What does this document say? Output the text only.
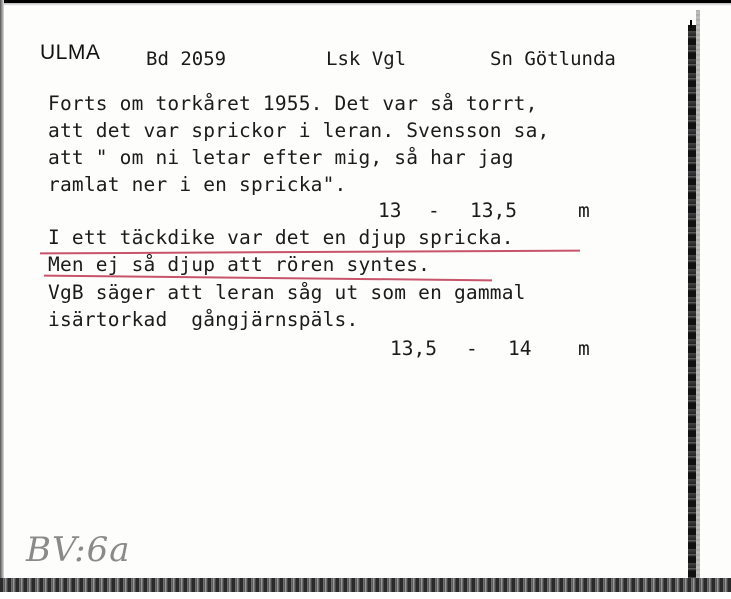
ULMA Bd 2059	Lsk Vgl	Sn Götlunda
Forts om torkåret 1955. Det var så torrt,
att det var sprickor i leran. Svensson sa,
att " om ni letar efter mig, så har jag
ramlat ner i en spricka".
13 - 13,5	m
I ett täckdike var det en djup spricka.
Men ej så djup att rören syntes.
VgB säger att leran såg ut som en gammal
isärtorkad  gångjärnspäls.
13,5 - 14 m
BV:6a
